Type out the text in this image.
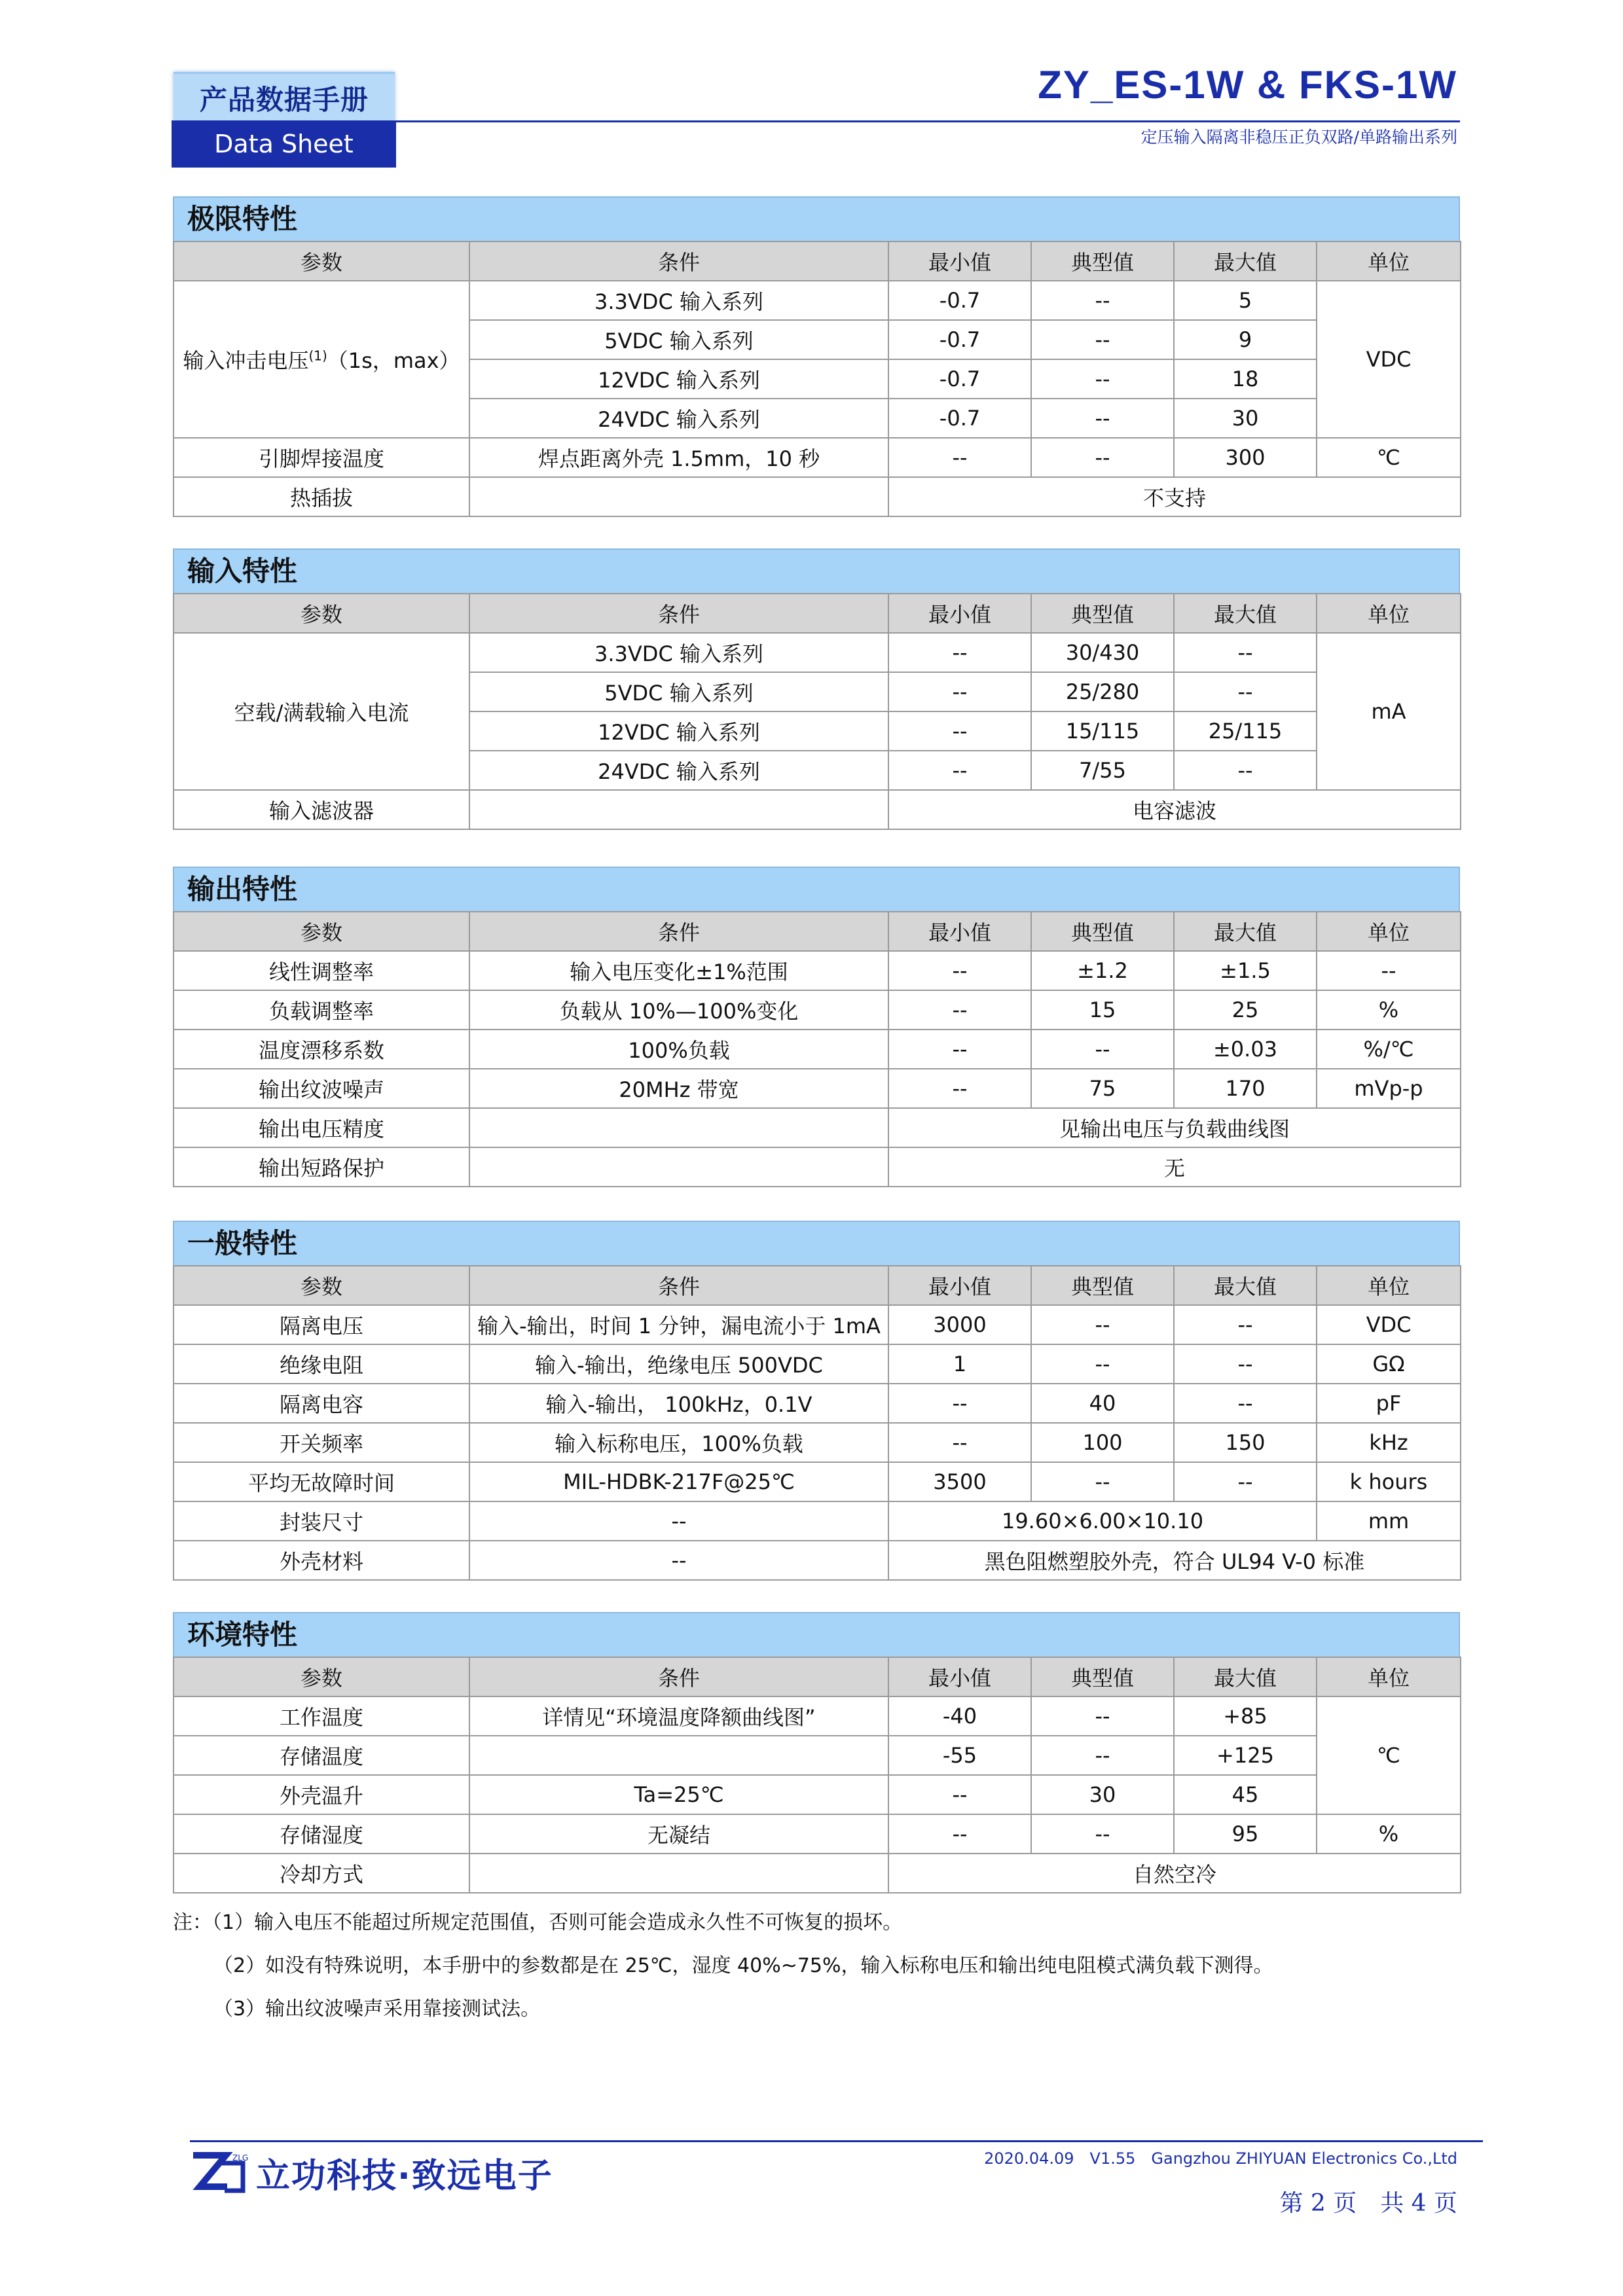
产品数据手册
Data Sheet
ZY_ES-1W & FKS-1W
定压输入隔离非稳压正负双路/单路输出系列
极限特性
参数	条件	最小值	典型值	最大值	单位
输入冲击电压$^{(1)}$（1s，max）	3.3VDC 输入系列	-0.7	--	5	VDC
	5VDC 输入系列	-0.7	--	9	
	12VDC 输入系列	-0.7	--	18	
	24VDC 输入系列	-0.7	--	30	
引脚焊接温度	焊点距离外壳 1.5mm，10 秒	--	--	300	℃
热插拔		不支持			
输入特性
参数	条件	最小值	典型值	最大值	单位
空载/满载输入电流	3.3VDC 输入系列	--	30/430	--	mA
	5VDC 输入系列	--	25/280	--	
	12VDC 输入系列	--	15/115	25/115	
	24VDC 输入系列	--	7/55	--	
输入滤波器		电容滤波			
输出特性
参数	条件	最小值	典型值	最大值	单位
线性调整率	输入电压变化±1%范围	--	±1.2	±1.5	--
负载调整率	负载从 10%—100%变化	--	15	25	%
温度漂移系数	100%负载	--	--	±0.03	%/℃
输出纹波噪声	20MHz 带宽	--	75	170	mVp-p
输出电压精度		见输出电压与负载曲线图			
输出短路保护		无			
一般特性
参数	条件	最小值	典型值	最大值	单位
隔离电压	输入-输出，时间 1 分钟，漏电流小于 1mA	3000	--	--	VDC
绝缘电阻	输入-输出，绝缘电压 500VDC	1	--	--	GΩ
隔离电容	输入-输出， 100kHz，0.1V	--	40	--	pF
开关频率	输入标称电压，100%负载	--	100	150	kHz
平均无故障时间	MIL-HDBK-217F@25℃	3500	--	--	k hours
封装尺寸	--	19.60×6.00×10.10			mm
外壳材料	--	黑色阻燃塑胶外壳，符合 UL94 V-0 标准			
环境特性
参数	条件	最小值	典型值	最大值	单位
工作温度	详情见“环境温度降额曲线图”	-40	--	+85	℃
存储温度		-55	--	+125	
外壳温升	Ta=25℃	--	30	45	
存储湿度	无凝结	--	--	95	%
冷却方式		自然空冷			
注：（1）输入电压不能超过所规定范围值，否则可能会造成永久性不可恢复的损坏。
（2）如没有特殊说明，本手册中的参数都是在 25℃，湿度 40%~75%，输入标称电压和输出纯电阻模式满负载下测得。
（3）输出纹波噪声采用靠接测试法。
2020.04.09　V1.55　Gangzhou ZHIYUAN Electronics Co.,Ltd
ZLG 立功科技·致远电子
第 2 页　共 4 页
